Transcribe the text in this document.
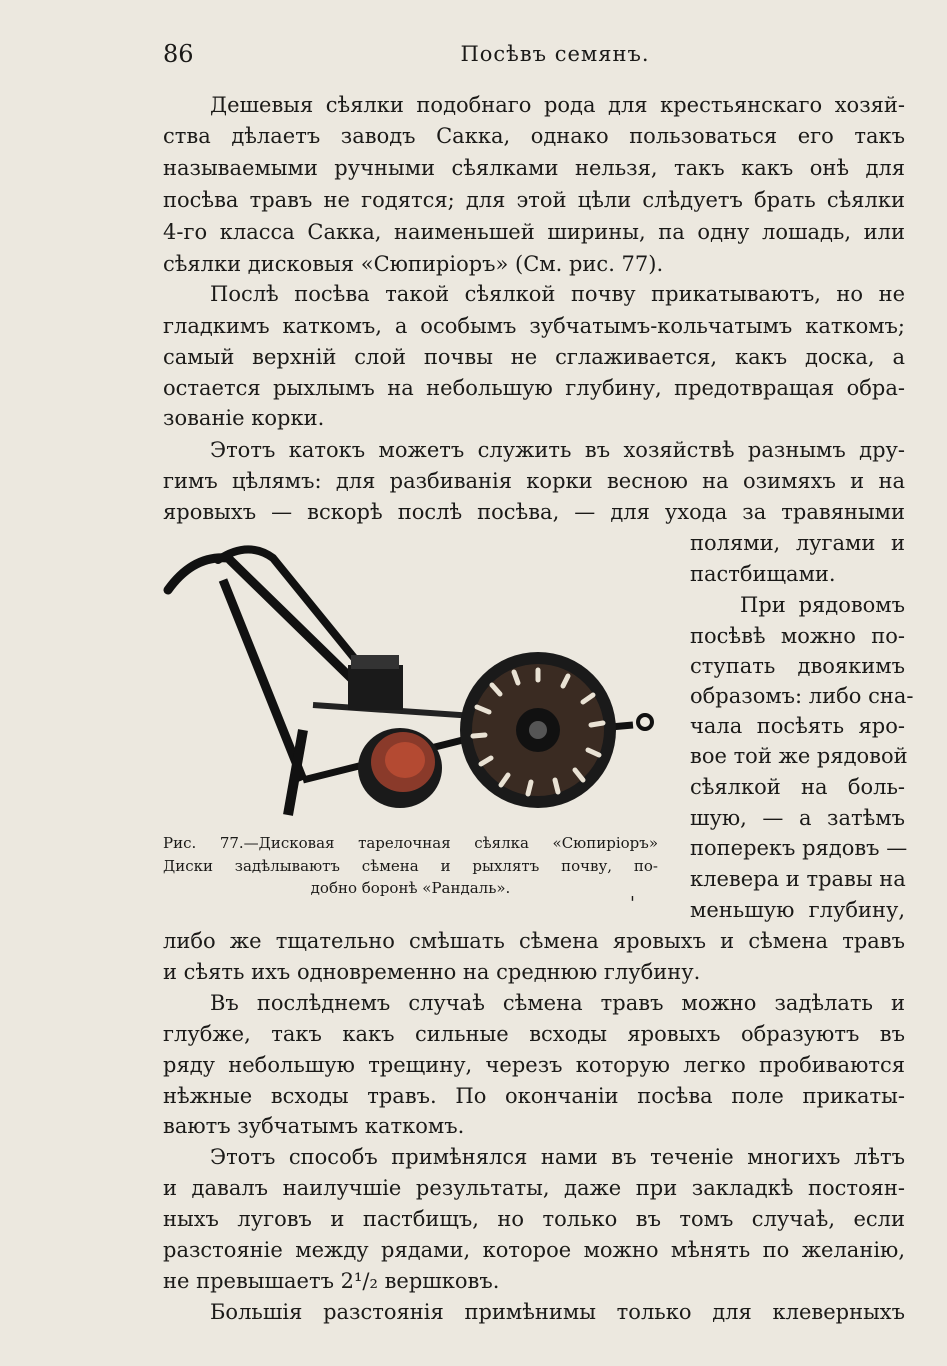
86	Посѣвъ семянъ.
Дешевыя сѣялки подобнаго рода для крестьянскаго хозяй-
ства дѣлаетъ заводъ Сакка, однако пользоваться его такъ
называемыми ручными сѣялками нельзя, такъ какъ онѣ для
посѣва травъ не годятся; для этой цѣли слѣдуетъ брать сѣялки
4-го класса Сакка, наименьшей ширины, па одну лошадь, или
сѣялки дисковыя «Сюпиріоръ» (См. рис. 77).
Послѣ посѣва такой сѣялкой почву прикатываютъ, но не
гладкимъ каткомъ, а особымъ зубчатымъ-кольчатымъ каткомъ;
самый верхній слой почвы не сглаживается, какъ доска, а
остается рыхлымъ на небольшую глубину, предотвращая обра-
зованіе корки.
Этотъ катокъ можетъ служить въ хозяйствѣ разнымъ дру-
гимъ цѣлямъ: для разбиванія корки весною на озимяхъ и на
яровыхъ — вскорѣ послѣ посѣва, — для ухода за травяными
Рис. 77.—Дисковая тарелочная сѣялка «Сюпиріоръ»
Диски задѣлываютъ сѣмена и рыхлятъ почву, по-
добно боронѣ «Рандаль».
'
полями, лугами и
пастбищами.
При рядовомъ
посѣвѣ можно по-
ступать двоякимъ
образомъ: либо сна-
чала посѣять яро-
вое той же рядовой
сѣялкой на боль-
шую, — а затѣмъ
поперекъ рядовъ —
клевера и травы на
меньшую глубину,
либо же тщательно смѣшать сѣмена яровыхъ и сѣмена травъ
и сѣять ихъ одновременно на среднюю глубину.
Въ послѣднемъ случаѣ сѣмена травъ можно задѣлать и
глубже, такъ какъ сильные всходы яровыхъ образуютъ въ
ряду небольшую трещину, черезъ которую легко пробиваются
нѣжные всходы травъ. По окончаніи посѣва поле прикаты-
ваютъ зубчатымъ каткомъ.
Этотъ способъ примѣнялся нами въ теченіе многихъ лѣтъ
и давалъ наилучшіе результаты, даже при закладкѣ постоян-
ныхъ луговъ и пастбищъ, но только въ томъ случаѣ, если
разстояніе между рядами, которое можно мѣнять по желанію,
не превышаетъ 2¹/₂ вершковъ.
Большія разстоянія примѣнимы только для клеверныхъ
